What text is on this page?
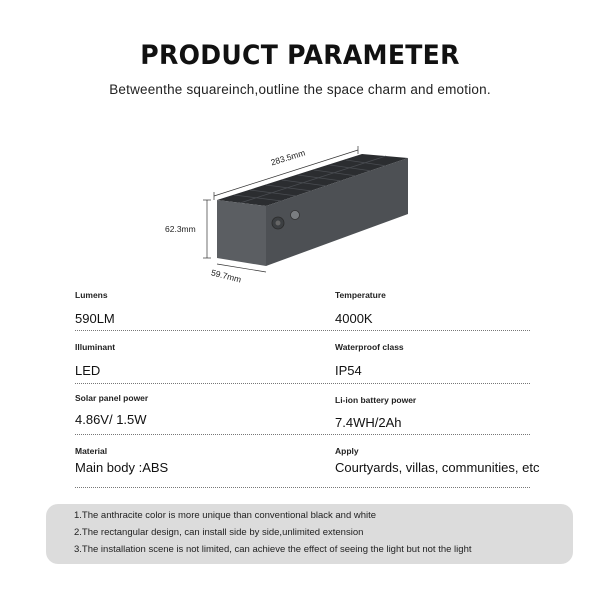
PRODUCT PARAMETER
Betweenthe squareinch,outline the space charm and emotion.
283.5mm
62.3mm
59.7mm
Lumens
590LM
Temperature
4000K
Illuminant
LED
Waterproof class
IP54
Solar panel power
4.86V/ 1.5W
Li-ion battery power
7.4WH/2Ah
Material
Main body :ABS
Apply
Courtyards, villas, communities, etc
1.The anthracite color is more unique than conventional black and white
2.The rectangular design, can install side by side,unlimited extension
3.The installation scene is not limited, can achieve the effect of seeing the light but not the light
